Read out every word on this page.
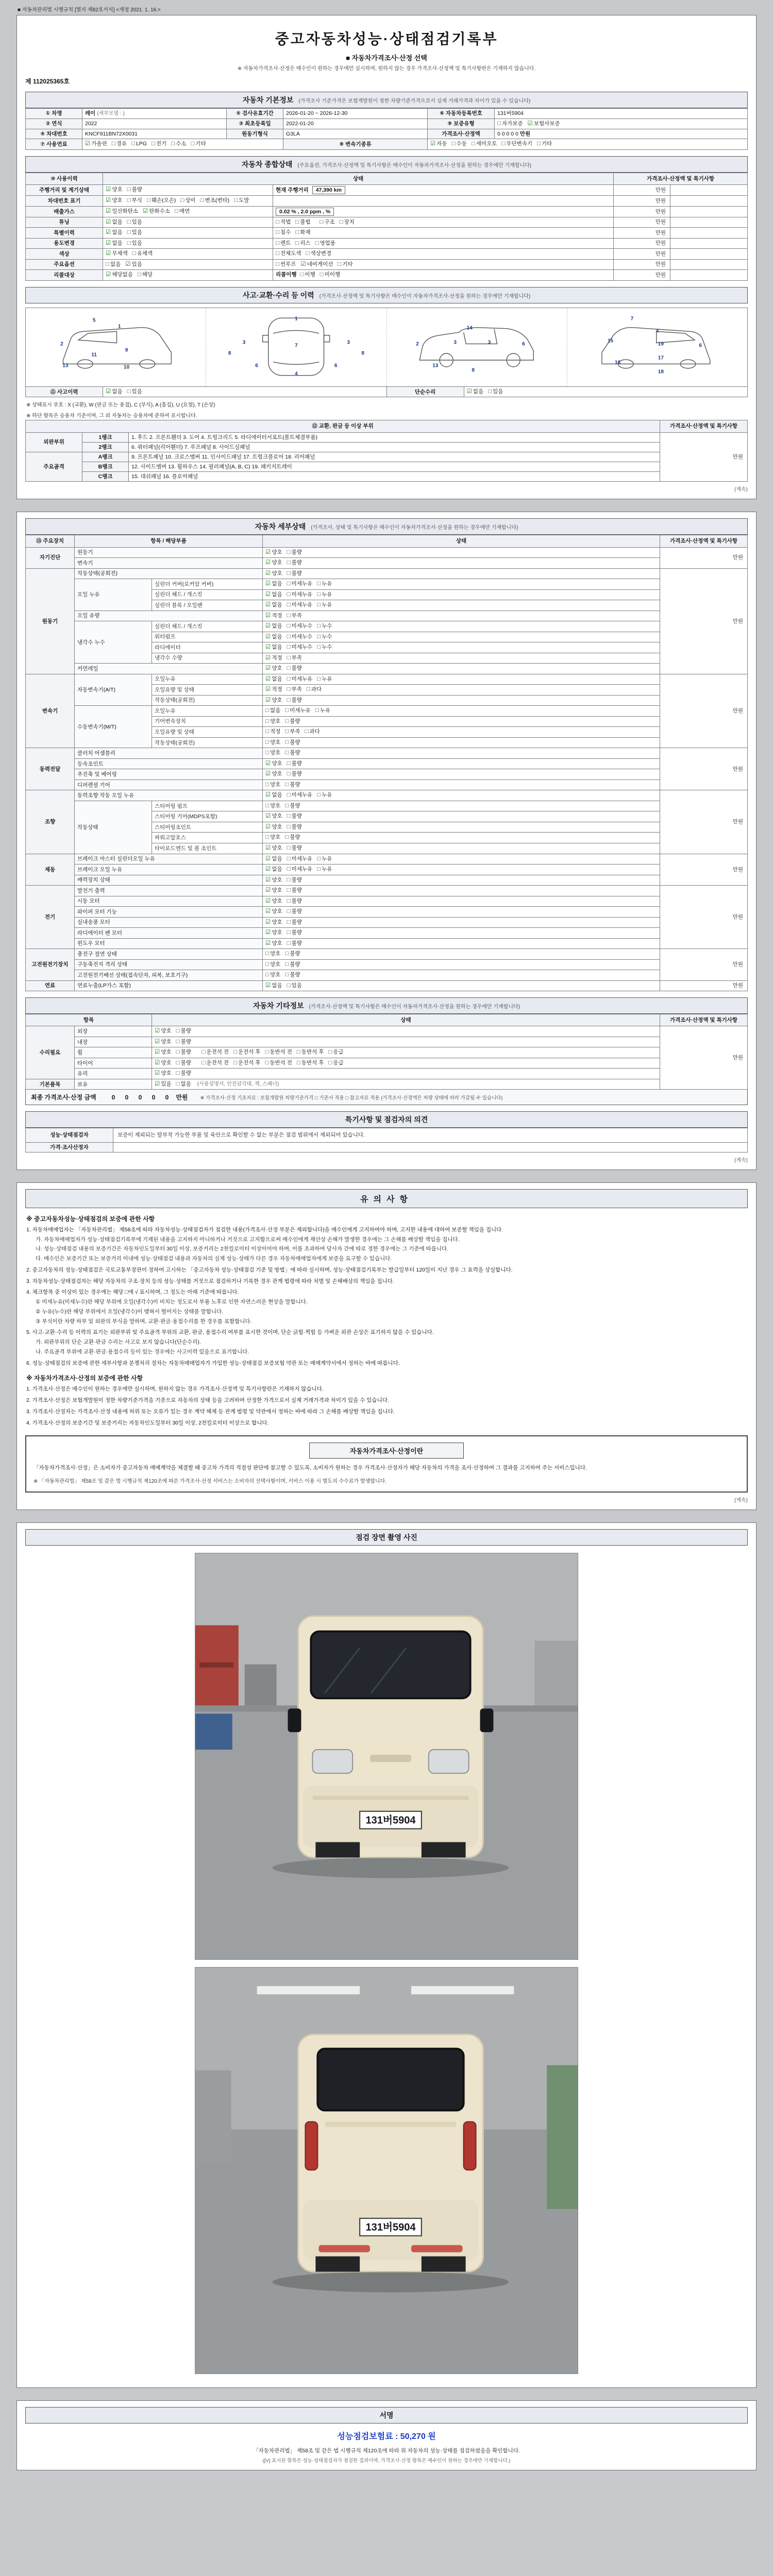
■ 자동차관리법 시행규칙 [별지 제82호서식] <개정 2021. 1. 16.>
중고자동차성능·상태점검기록부
■ 자동차가격조사·산정 선택
※ 자동차가격조사·산정은 매수인이 원하는 경우에만 실시하며, 원하지 않는 경우 가격조사·산정액 및 특기사항란은 기재하지 않습니다.
제 112025365호
자동차 기본정보 (가격조사 기준가격은 보험개발원이 정한 차량기준가격으로서 실제 거래가격과 차이가 있을 수 있습니다)
① 차명	레이 (세부모델 : )	⑤ 검사유효기간	2026-01-20 ~ 2026-12-30	⑥ 자동차등록번호	131버5904
② 연식	2022	③ 최초등록일	2022-01-20	⑨ 보증유형	□ 자가보증 ☑ 보험사보증
④ 차대번호	KNCF911BN72X0031	원동기형식	G3LA	가격조사·산정액	0 0 0 0 0 만원
⑦ 사용연료	☑ 가솔린 □ 경유 □ LPG □ 전기 □ 수소 □ 기타		⑧ 변속기종류	☑ 자동 □ 수동 □ 세미오토 □ 무단변속기 □ 기타	
자동차 종합상태 (주요옵션, 가격조사·산정액 및 특기사항은 매수인이 자동차가격조사·산정을 원하는 경우에만 기재합니다)
⑩ 사용이력	상태		가격조사·산정액 및 특기사항	
주행거리 및 계기상태	☑ 양호 □ 불량	현재 주행거리 47,390 km	만원	
차대번호 표기	☑ 양호 □ 부식 □ 훼손(오손) □ 상이 □ 변조(변타) □ 도말		만원	
배출가스	☑ 일산화탄소 ☑ 탄화수소 □ 매연	0.02 % , 2.0 ppm , %	만원	
튜닝	☑ 없음 □ 있음	□ 적법 □ 불법 □ 구조 □ 장치	만원	
특별이력	☑ 없음 □ 있음	□ 침수 □ 화재	만원	
용도변경	☑ 없음 □ 있음	□ 렌트 □ 리스 □ 영업용	만원	
색상	☑ 무채색 □ 유채색	□ 전체도색 □ 색상변경	만원	
주요옵션	□ 없음 ☑ 있음	□ 썬루프 ☑ 네비게이션 □ 기타	만원	
리콜대상	☑ 해당없음 □ 해당	리콜이행 □ 이행 □ 미이행	만원	
사고·교환·수리 등 이력 (가격조사·산정액 및 특기사항은 매수인이 자동차가격조사·산정을 원하는 경우에만 기재합니다)
1
5
2
11
9
10
13
1
7
4
3	3
6	6
8	8
2	3	3	6
8
13
14
7
4
6
19
17
18
15
16
⑪ 사고이력	☑ 없음 □ 있음	단순수리	☑ 없음 □ 있음
※ 상태표시 부호 : X (교환), W (판금 또는 용접), C (부식), A (흠집), U (요철), T (손상)
※ 하단 항목은 승용차 기준이며, 그 외 자동차는 승용차에 준하여 표시합니다.
⑫ 교환, 판금 등 이상 부위			가격조사·산정액 및 특기사항
외판부위	1랭크	1. 후드 2. 프론트휀더 3. 도어 4. 트렁크리드 5. 라디에이터서포트(볼트체결부품)	만원
	2랭크	6. 쿼터패널(리어휀더) 7. 루프패널 8. 사이드실패널	
주요골격	A랭크	9. 프론트패널 10. 크로스멤버 11. 인사이드패널 17. 트렁크플로어 18. 리어패널	
	B랭크	12. 사이드멤버 13. 휠하우스 14. 필러패널(A, B, C) 19. 패키지트레이	
	C랭크	15. 대쉬패널 16. 플로어패널	
(계속)
자동차 세부상태 (가격조사, 상태 및 특기사항은 매수인이 자동차가격조사·산정을 원하는 경우에만 기재합니다)
⑬ 주요장치	항목 / 해당부품		상태	가격조사·산정액 및 특기사항
자기진단	원동기		☑ 양호 □ 불량	만원
	변속기		☑ 양호 □ 불량	
원동기	작동상태(공회전)		☑ 양호 □ 불량	만원
	오일 누유	실린더 커버(로커암 커버)	☑ 없음 □ 미세누유 □ 누유	
		실린더 헤드 / 개스킷	☑ 없음 □ 미세누유 □ 누유	
		실린더 블록 / 오일팬	☑ 없음 □ 미세누유 □ 누유	
	오일 유량		☑ 적정 □ 부족	
	냉각수 누수	실린더 헤드 / 개스킷	☑ 없음 □ 미세누수 □ 누수	
		워터펌프	☑ 없음 □ 미세누수 □ 누수	
		라디에이터	☑ 없음 □ 미세누수 □ 누수	
		냉각수 수량	☑ 적정 □ 부족	
	커먼레일		☑ 양호 □ 불량	
변속기	자동변속기(A/T)	오일누유	☑ 없음 □ 미세누유 □ 누유	만원
		오일유량 및 상태	☑ 적정 □ 부족 □ 과다	
		작동상태(공회전)	☑ 양호 □ 불량	
	수동변속기(M/T)	오일누유	□ 없음 □ 미세누유 □ 누유	
		기어변속장치	□ 양호 □ 불량	
		오일유량 및 상태	□ 적정 □ 부족 □ 과다	
		작동상태(공회전)	□ 양호 □ 불량	
동력전달	클러치 어셈블리		□ 양호 □ 불량	만원
	등속조인트		☑ 양호 □ 불량	
	추진축 및 베어링		☑ 양호 □ 불량	
	디퍼렌셜 기어		□ 양호 □ 불량	
조향	동력조향 작동 오일 누유		☑ 없음 □ 미세누유 □ 누유	만원
	작동상태	스티어링 펌프	□ 양호 □ 불량	
		스티어링 기어(MDPS포함)	☑ 양호 □ 불량	
		스티어링조인트	☑ 양호 □ 불량	
		파워고압호스	□ 양호 □ 불량	
		타이로드엔드 및 볼 조인트	☑ 양호 □ 불량	
제동	브레이크 마스터 실린더오일 누유		☑ 없음 □ 미세누유 □ 누유	만원
	브레이크 오일 누유		☑ 없음 □ 미세누유 □ 누유	
	배력장치 상태		☑ 양호 □ 불량	
전기	발전기 출력		☑ 양호 □ 불량	만원
	시동 모터		☑ 양호 □ 불량	
	와이퍼 모터 기능		☑ 양호 □ 불량	
	실내송풍 모터		☑ 양호 □ 불량	
	라디에이터 팬 모터		☑ 양호 □ 불량	
	윈도우 모터		☑ 양호 □ 불량	
고전원전기장치	충전구 절연 상태		□ 양호 □ 불량	만원
	구동축전지 격리 상태		□ 양호 □ 불량	
	고전원전기배선 상태(접속단자, 피복, 보호기구)		□ 양호 □ 불량	
연료	연료누출(LP가스 포함)		☑ 없음 □ 있음	만원
자동차 기타정보 (가격조사·산정액 및 특기사항은 매수인이 자동차가격조사·산정을 원하는 경우에만 기재합니다)
항목		상태	가격조사·산정액 및 특기사항
수리필요	외장	☑ 양호 □ 불량	만원
	내장	☑ 양호 □ 불량	
	휠	☑ 양호 □ 불량 □ 운전석 전 □ 운전석 후 □ 동반석 전 □ 동반석 후 □ 응급	
	타이어	☑ 양호 □ 불량 □ 운전석 전 □ 운전석 후 □ 동반석 전 □ 동반석 후 □ 응급	
	유리	☑ 양호 □ 불량	
기본품목	보유	☑ 있음 □ 없음 (사용설명서, 안전삼각대, 잭, 스패너)	
최종 가격조사·산정 금액	0 0 0 0 0 만원	※ 가격조사·산정 기초자료 : 보험개발원 차량기준가격 □ 기준서 적용 □ 참고자료 적용 (가격조사·산정액은 차량 상태에 따라 가감될 수 있습니다)
특기사항 및 점검자의 의견
성능·상태점검자	보증이 제외되는 탈부착 가능한 부품 및 육안으로 확인할 수 없는 부분은 점검 범위에서 제외되어 있습니다.
가격·조사산정자	
(계속)
유의사항
※ 중고자동차성능·상태점검의 보증에 관한 사항
1. 자동차매매업자는 「자동차관리법」 제58조에 따라 자동차성능·상태점검자가 점검한 내용(가격조사·산정 부분은 제외합니다)을 매수인에게 고지하여야 하며, 고지한 내용에 대하여 보증할 책임을 집니다.
가. 자동차매매업자가 성능·상태점검기록부에 기재된 내용을 고지하지 아니하거나 거짓으로 고지함으로써 매수인에게 재산상 손해가 발생한 경우에는 그 손해를 배상할 책임을 집니다.
나. 성능·상태점검 내용의 보증기간은 자동차인도일부터 30일 이상, 보증거리는 2천킬로미터 이상이어야 하며, 이를 초과하여 당사자 간에 따로 정한 경우에는 그 기준에 따릅니다.
다. 매수인은 보증기간 또는 보증거리 이내에 성능·상태점검 내용과 자동차의 실제 성능·상태가 다른 경우 자동차매매업자에게 보증을 요구할 수 있습니다.
2. 중고자동차의 성능·상태점검은 국토교통부장관이 정하여 고시하는 「중고자동차 성능·상태점검 기준 및 방법」에 따라 실시하며, 성능·상태점검기록부는 발급일부터 120일이 지난 경우 그 효력을 상실합니다.
3. 자동차성능·상태점검자는 해당 자동차의 구조·장치 등의 성능·상태를 거짓으로 점검하거나 기록한 경우 관계 법령에 따라 처벌 및 손해배상의 책임을 집니다.
4. 체크항목 중 이상이 있는 경우에는 해당 □에 √ 표시하며, 그 정도는 아래 기준에 따릅니다.
① 미세누유(미세누수)란 해당 부위에 오일(냉각수)이 비치는 정도로서 부품 노후로 인한 자연스러운 현상을 말합니다.
② 누유(누수)란 해당 부위에서 오일(냉각수)이 맺혀서 떨어지는 상태를 말합니다.
③ 부식이란 차량 하부 및 외판의 부식을 말하며, 교환·판금·용접수리를 한 경우를 포함합니다.
5. 사고·교환·수리 등 이력의 표기는 외판부위 및 주요골격 부위의 교환, 판금, 용접수리 여부를 표시한 것이며, 단순 긁힘·찍힘 등 가벼운 외관 손상은 표기하지 않을 수 있습니다.
가. 외판부위의 단순 교환·판금 수리는 사고로 보지 않습니다(단순수리).
나. 주요골격 부위에 교환·판금·용접수리 등이 있는 경우에는 사고이력 있음으로 표기합니다.
6. 성능·상태점검의 보증에 관한 세부사항과 분쟁처리 절차는 자동차매매업자가 가입한 성능·상태점검 보증보험 약관 또는 매매계약서에서 정하는 바에 따릅니다.
※ 자동차가격조사·산정의 보증에 관한 사항
1. 가격조사·산정은 매수인이 원하는 경우에만 실시하며, 원하지 않는 경우 가격조사·산정액 및 특기사항란은 기재하지 않습니다.
2. 가격조사·산정은 보험개발원이 정한 차량기준가격을 기준으로 자동차의 상태 등을 고려하여 산정한 가격으로서 실제 거래가격과 차이가 있을 수 있습니다.
3. 가격조사·산정자는 가격조사·산정 내용에 허위 또는 오류가 있는 경우 계약 해제 등 관계 법령 및 약관에서 정하는 바에 따라 그 손해를 배상할 책임을 집니다.
4. 가격조사·산정의 보증기간 및 보증거리는 자동차인도일부터 30일 이상, 2천킬로미터 이상으로 합니다.
자동차가격조사·산정이란
「자동차가격조사·산정」은 소비자가 중고자동차 매매계약을 체결할 때 중고차 가격의 적절성 판단에 참고할 수 있도록, 소비자가 원하는 경우 가격조사·산정자가 해당 자동차의 가격을 조사·산정하여 그 결과를 고지하여 주는 서비스입니다.
※ 「자동차관리법」 제58조 및 같은 법 시행규칙 제120조에 따른 가격조사·산정 서비스는 소비자의 선택사항이며, 서비스 이용 시 별도의 수수료가 발생합니다.
(계속)
점검 장면 촬영 사진
131버5904
131버5904
서명
성능점검보험료 : 50,270 원
「자동차관리법」 제58조 및 같은 법 시행규칙 제120조에 따라 위 자동차의 성능·상태를 점검하였음을 확인합니다.
([V] 표시된 항목은 성능·상태점검자가 점검한 결과이며, 가격조사·산정 항목은 매수인이 원하는 경우에만 기재합니다.)
